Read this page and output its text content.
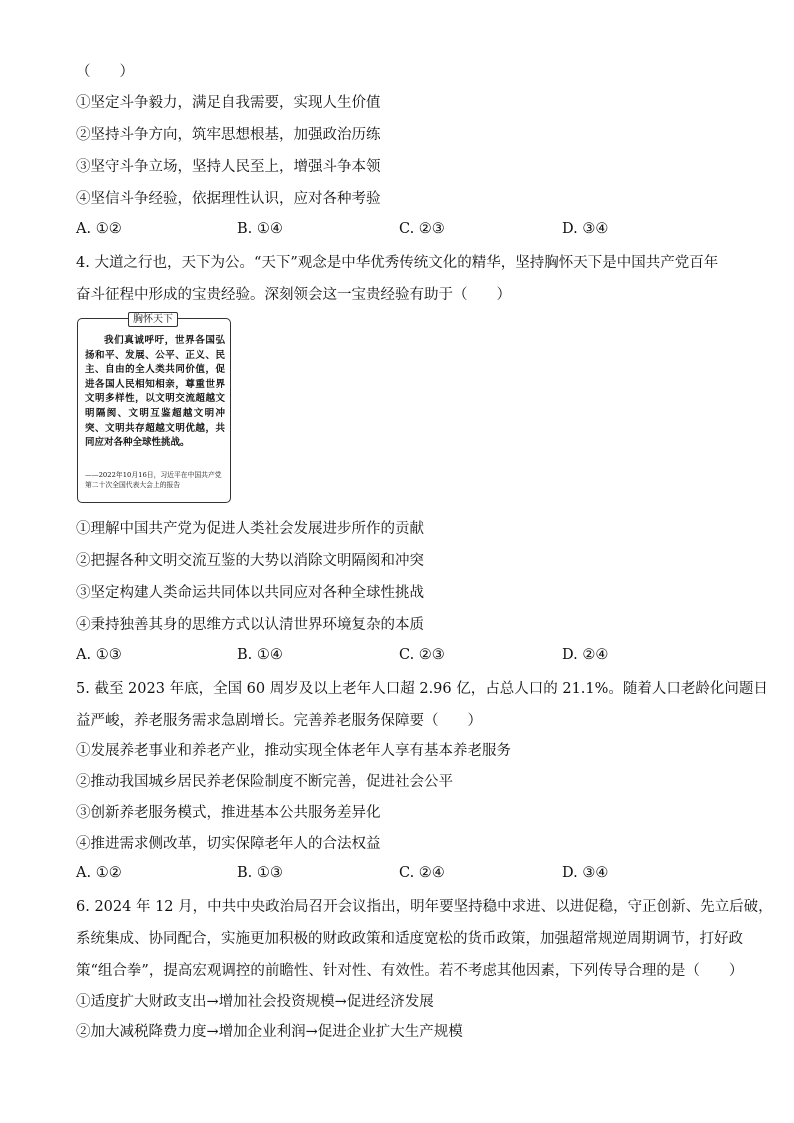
（　　）
①坚定斗争毅力，满足自我需要，实现人生价值
②坚持斗争方向，筑牢思想根基，加强政治历练
③坚守斗争立场，坚持人民至上，增强斗争本领
④坚信斗争经验，依据理性认识，应对各种考验
A. ①②	B. ①④	C. ②③	D. ③④
4. 大道之行也，天下为公。“天下”观念是中华优秀传统文化的精华，坚持胸怀天下是中国共产党百年
奋斗征程中形成的宝贵经验。深刻领会这一宝贵经验有助于（　　）
胸怀天下
我们真诚呼吁，世界各国弘扬和平、发展、公平、正义、民主、自由的全人类共同价值，促进各国人民相知相亲，尊重世界文明多样性，以文明交流超越文明隔阂、文明互鉴超越文明冲突、文明共存超越文明优越，共同应对各种全球性挑战。
——2022年10月16日，习近平在中国共产党第二十次全国代表大会上的报告
①理解中国共产党为促进人类社会发展进步所作的贡献
②把握各种文明交流互鉴的大势以消除文明隔阂和冲突
③坚定构建人类命运共同体以共同应对各种全球性挑战
④秉持独善其身的思维方式以认清世界环境复杂的本质
A. ①③	B. ①④	C. ②③	D. ②④
5. 截至 2023 年底，全国 60 周岁及以上老年人口超 2.96 亿，占总人口的 21.1%。随着人口老龄化问题日
益严峻，养老服务需求急剧增长。完善养老服务保障要（　　）
①发展养老事业和养老产业，推动实现全体老年人享有基本养老服务
②推动我国城乡居民养老保险制度不断完善，促进社会公平
③创新养老服务模式，推进基本公共服务差异化
④推进需求侧改革，切实保障老年人的合法权益
A. ①②	B. ①③	C. ②④	D. ③④
6. 2024 年 12 月，中共中央政治局召开会议指出，明年要坚持稳中求进、以进促稳，守正创新、先立后破，
系统集成、协同配合，实施更加积极的财政政策和适度宽松的货币政策，加强超常规逆周期调节，打好政
策“组合拳”，提高宏观调控的前瞻性、针对性、有效性。若不考虑其他因素，下列传导合理的是（　　）
①适度扩大财政支出→增加社会投资规模→促进经济发展
②加大减税降费力度→增加企业利润→促进企业扩大生产规模
